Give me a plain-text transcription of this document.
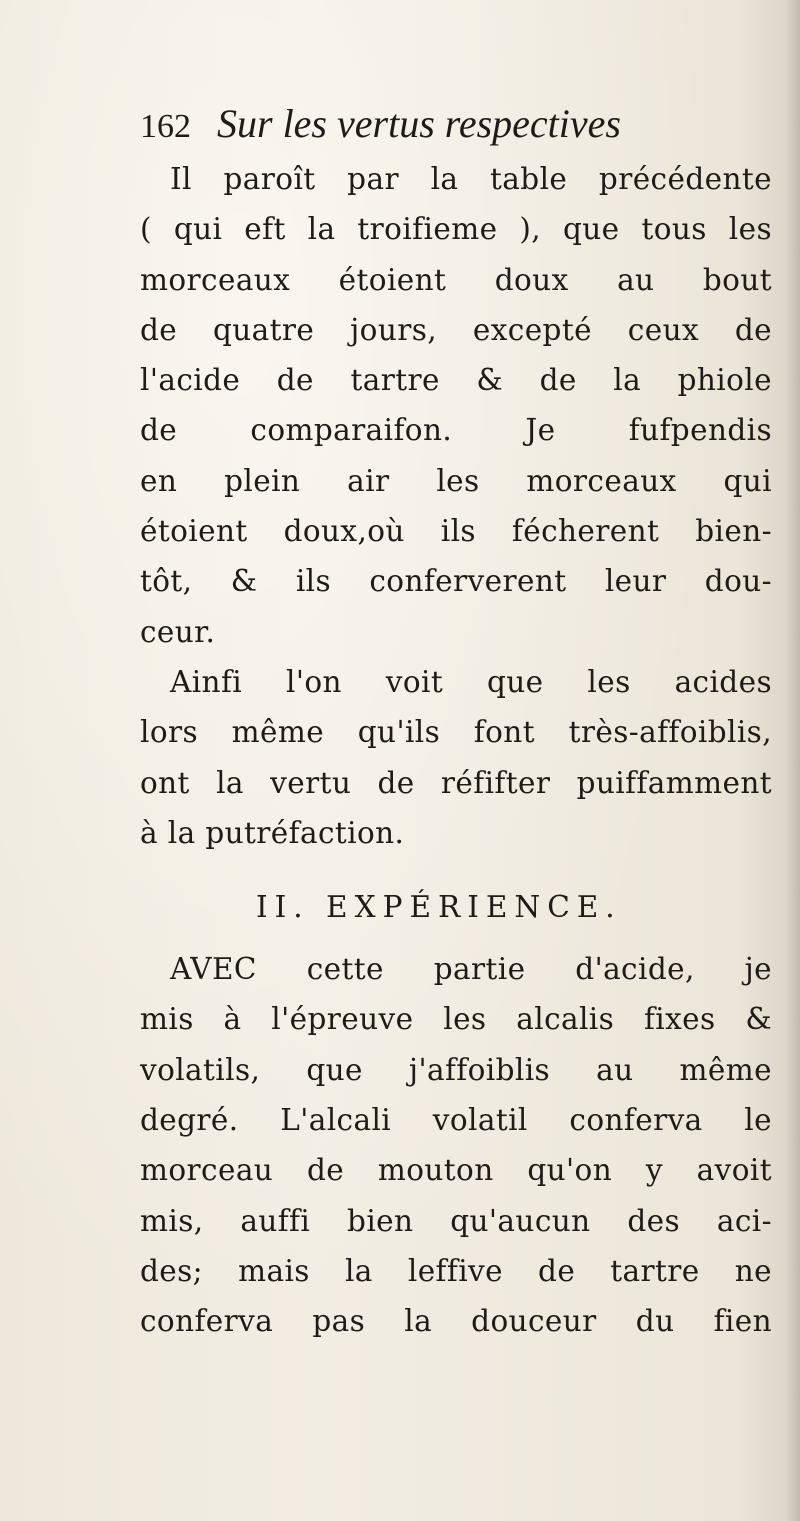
162 Sur les vertus respectives
Il paroît par la table précédente
( qui eft la troifieme ), que tous les
morceaux étoient doux au bout
de quatre jours, excepté ceux de
l'acide de tartre & de la phiole
de comparaifon. Je fufpendis
en plein air les morceaux qui
étoient doux,où ils fécherent bien-
tôt, & ils conferverent leur dou-
ceur.
Ainfi l'on voit que les acides
lors même qu'ils font très-affoiblis,
ont la vertu de réfifter puiffamment
à la putréfaction.
II. EXPÉRIENCE.
AVEC cette partie d'acide, je
mis à l'épreuve les alcalis fixes &
volatils, que j'affoiblis au même
degré. L'alcali volatil conferva le
morceau de mouton qu'on y avoit
mis, auffi bien qu'aucun des aci-
des; mais la leffive de tartre ne
conferva pas la douceur du fien
